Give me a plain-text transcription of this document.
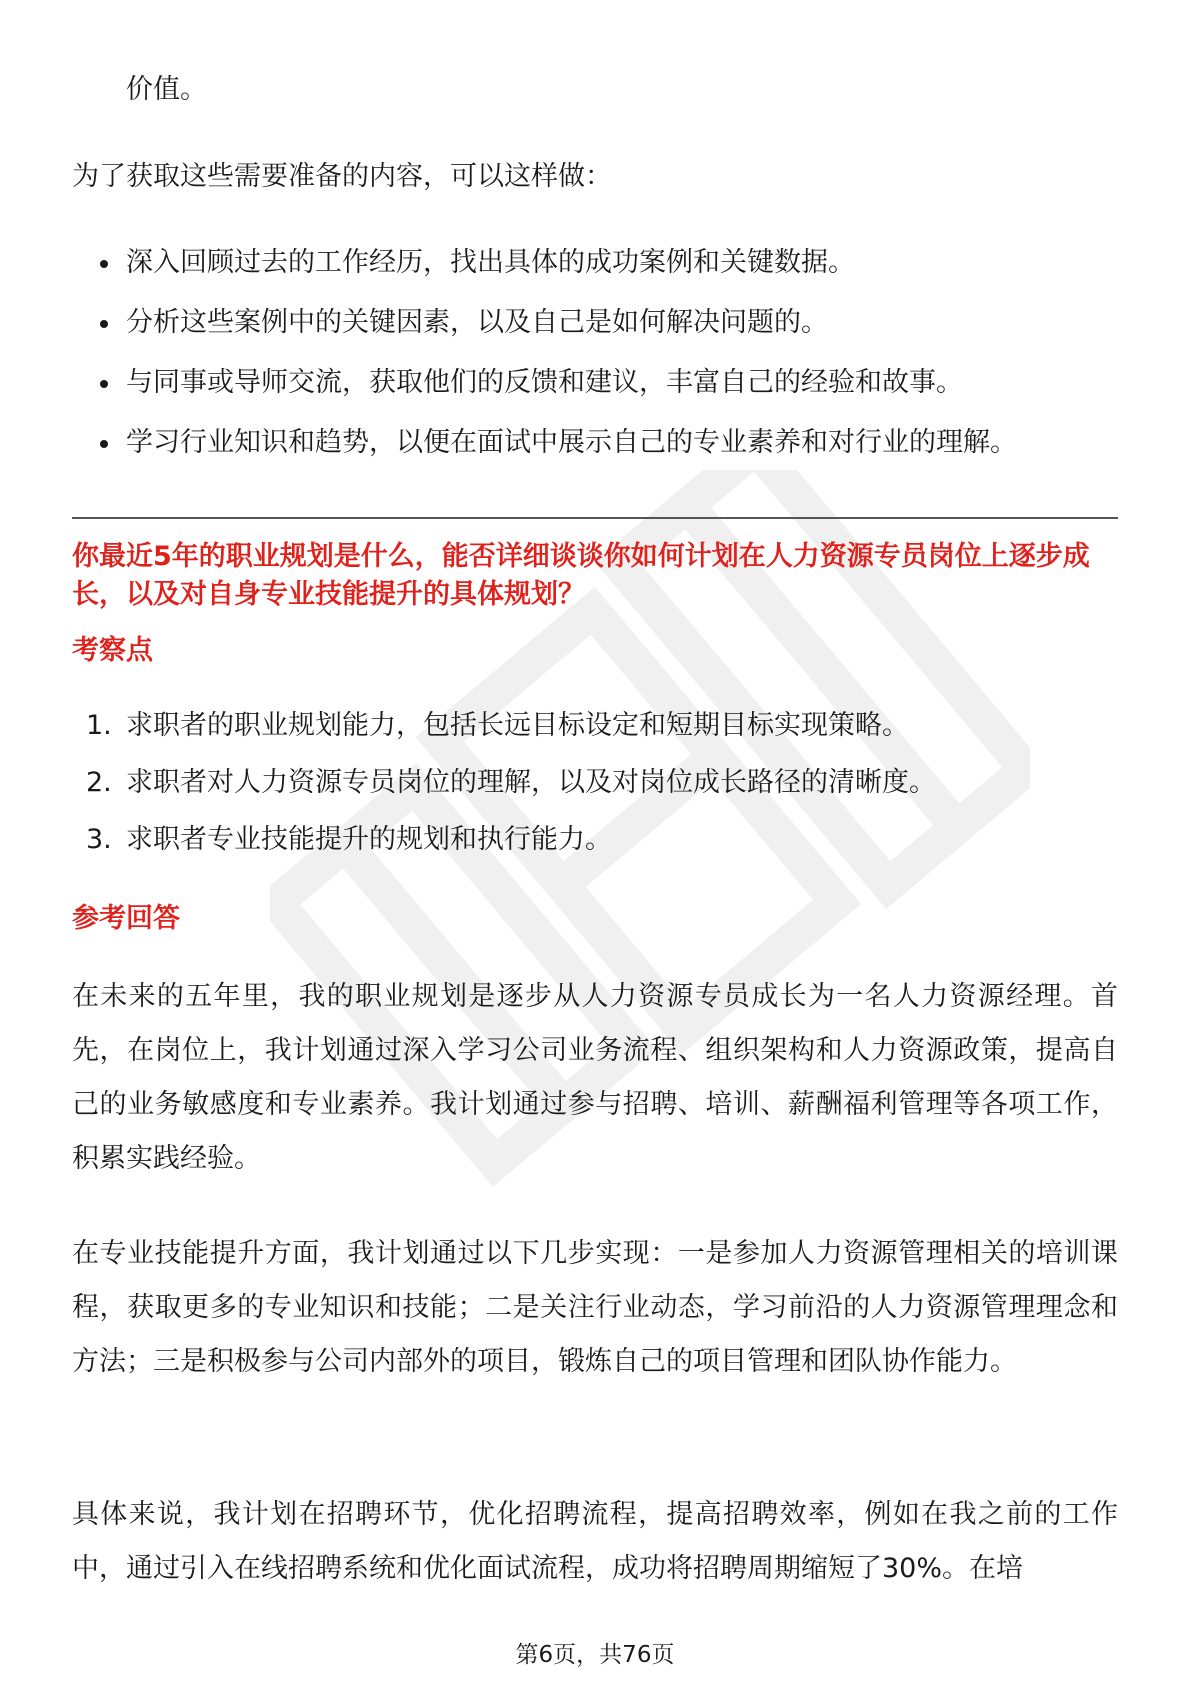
价值。
为了获取这些需要准备的内容，可以这样做：
深入回顾过去的工作经历，找出具体的成功案例和关键数据。
分析这些案例中的关键因素，以及自己是如何解决问题的。
与同事或导师交流，获取他们的反馈和建议，丰富自己的经验和故事。
学习行业知识和趋势，以便在面试中展示自己的专业素养和对行业的理解。
你最近5年的职业规划是什么，能否详细谈谈你如何计划在人力资源专员岗位上逐步成长，以及对自身专业技能提升的具体规划？
考察点
1. 求职者的职业规划能力，包括长远目标设定和短期目标实现策略。
2. 求职者对人力资源专员岗位的理解，以及对岗位成长路径的清晰度。
3. 求职者专业技能提升的规划和执行能力。
参考回答

在未来的五年里，我的职业规划是逐步从人力资源专员成长为一名人力资源经理。首先，在岗位上，我计划通过深入学习公司业务流程、组织架构和人力资源政策，提高自己的业务敏感度和专业素养。我计划通过参与招聘、培训、薪酬福利管理等各项工作，积累实践经验。

在专业技能提升方面，我计划通过以下几步实现：一是参加人力资源管理相关的培训课程，获取更多的专业知识和技能；二是关注行业动态，学习前沿的人力资源管理理念和方法；三是积极参与公司内部外的项目，锻炼自己的项目管理和团队协作能力。

具体来说，我计划在招聘环节，优化招聘流程，提高招聘效率，例如在我之前的工作中，通过引入在线招聘系统和优化面试流程，成功将招聘周期缩短了30%。在培

第6页，共76页
